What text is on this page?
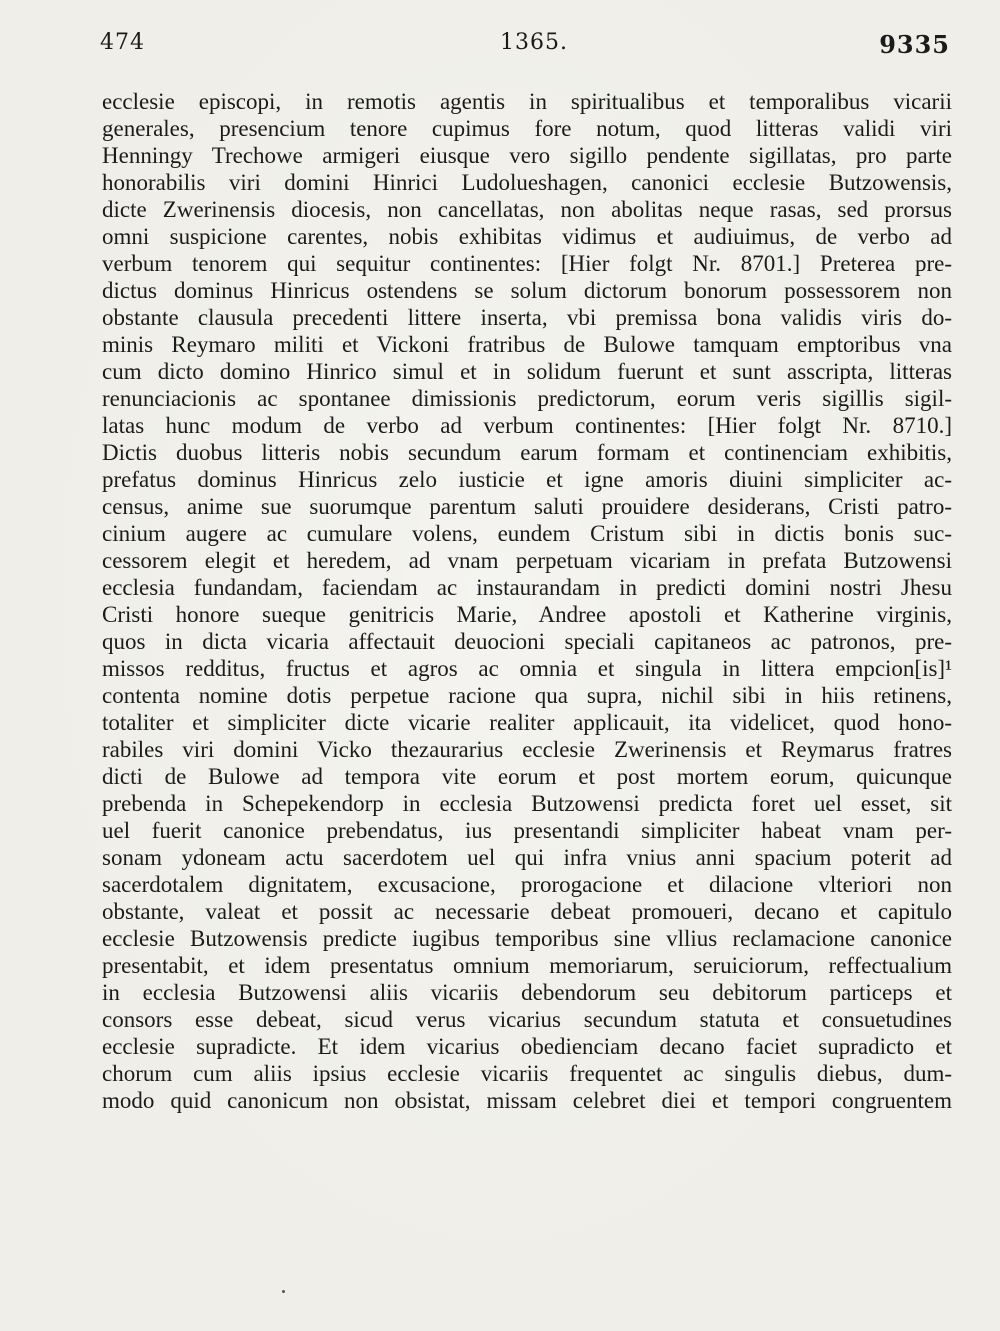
474	1365.	9335
ecclesie episcopi, in remotis agentis in spiritualibus et temporalibus vicarii
generales, presencium tenore cupimus fore notum, quod litteras validi viri
Henningy Trechowe armigeri eiusque vero sigillo pendente sigillatas, pro parte
honorabilis viri domini Hinrici Ludolueshagen, canonici ecclesie Butzowensis,
dicte Zwerinensis diocesis, non cancellatas, non abolitas neque rasas, sed prorsus
omni suspicione carentes, nobis exhibitas vidimus et audiuimus, de verbo ad
verbum tenorem qui sequitur continentes: [Hier folgt Nr. 8701.] Preterea pre-
dictus dominus Hinricus ostendens se solum dictorum bonorum possessorem non
obstante clausula precedenti littere inserta, vbi premissa bona validis viris do-
minis Reymaro militi et Vickoni fratribus de Bulowe tamquam emptoribus vna
cum dicto domino Hinrico simul et in solidum fuerunt et sunt asscripta, litteras
renunciacionis ac spontanee dimissionis predictorum, eorum veris sigillis sigil-
latas hunc modum de verbo ad verbum continentes: [Hier folgt Nr. 8710.]
Dictis duobus litteris nobis secundum earum formam et continenciam exhibitis,
prefatus dominus Hinricus zelo iusticie et igne amoris diuini simpliciter ac-
census, anime sue suorumque parentum saluti prouidere desiderans, Cristi patro-
cinium augere ac cumulare volens, eundem Cristum sibi in dictis bonis suc-
cessorem elegit et heredem, ad vnam perpetuam vicariam in prefata Butzowensi
ecclesia fundandam, faciendam ac instaurandam in predicti domini nostri Jhesu
Cristi honore sueque genitricis Marie, Andree apostoli et Katherine virginis,
quos in dicta vicaria affectauit deuocioni speciali capitaneos ac patronos, pre-
missos redditus, fructus et agros ac omnia et singula in littera empcion[is]¹
contenta nomine dotis perpetue racione qua supra, nichil sibi in hiis retinens,
totaliter et simpliciter dicte vicarie realiter applicauit, ita videlicet, quod hono-
rabiles viri domini Vicko thezaurarius ecclesie Zwerinensis et Reymarus fratres
dicti de Bulowe ad tempora vite eorum et post mortem eorum, quicunque
prebenda in Schepekendorp in ecclesia Butzowensi predicta foret uel esset, sit
uel fuerit canonice prebendatus, ius presentandi simpliciter habeat vnam per-
sonam ydoneam actu sacerdotem uel qui infra vnius anni spacium poterit ad
sacerdotalem dignitatem, excusacione, prorogacione et dilacione vlteriori non
obstante, valeat et possit ac necessarie debeat promoueri, decano et capitulo
ecclesie Butzowensis predicte iugibus temporibus sine vllius reclamacione canonice
presentabit, et idem presentatus omnium memoriarum, seruiciorum, reffectualium
in ecclesia Butzowensi aliis vicariis debendorum seu debitorum particeps et
consors esse debeat, sicud verus vicarius secundum statuta et consuetudines
ecclesie supradicte. Et idem vicarius obedienciam decano faciet supradicto et
chorum cum aliis ipsius ecclesie vicariis frequentet ac singulis diebus, dum-
modo quid canonicum non obsistat, missam celebret diei et tempori congruentem
